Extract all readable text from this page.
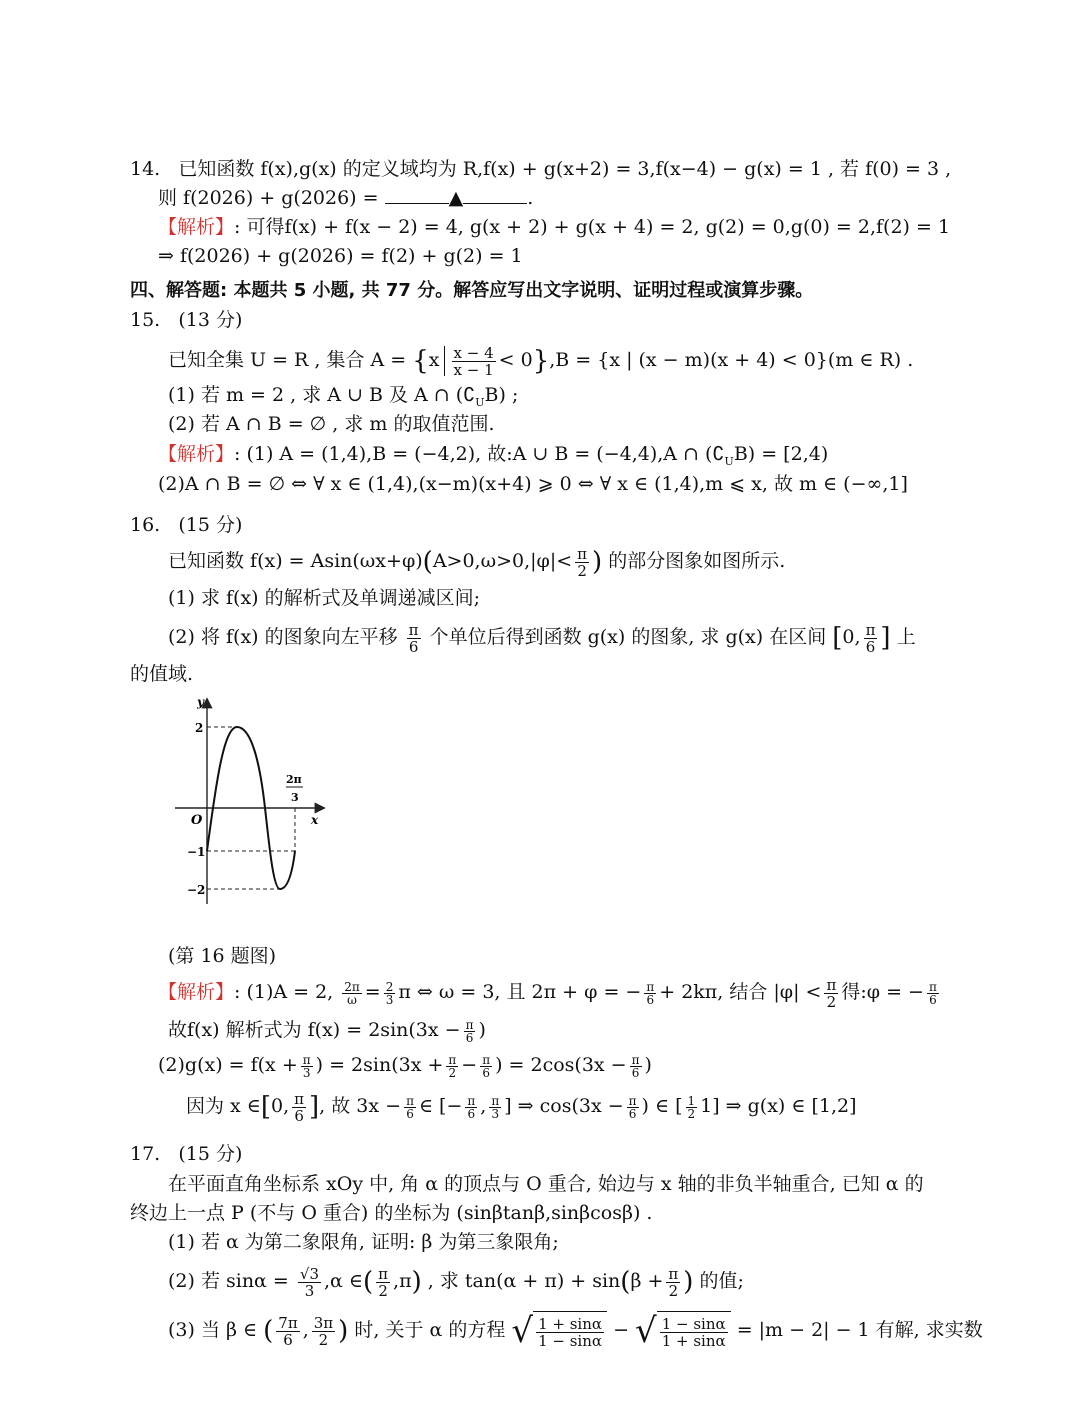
14. 已知函数 f(x),g(x) 的定义域均为 R,f(x) + g(x+2) = 3,f(x−4) − g(x) = 1 , 若 f(0) = 3 ,
则 f(2026) + g(2026) =	▲	.
【解析】: 可得f(x) + f(x − 2) = 4, g(x + 2) + g(x + 4) = 2, g(2) = 0,g(0) = 2,f(2) = 1
⇒ f(2026) + g(2026) = f(2) + g(2) = 1
四、解答题: 本题共 5 小题, 共 77 分。解答应写出文字说明、证明过程或演算步骤。
15. (13 分)
已知全集 U = R , 集合 $A = \{x \frac{x - 4}{x - 1} < 0\},B = \{x$ | (x − m)(x + 4) < 0}(m ∈ R) .
(1) 若 m = 2 , 求 A ∪ B 及 A ∩ $(∁_UB)$ ;
(2) 若 A ∩ B = ∅ , 求 m 的取值范围.
【解析】: (1) A = (1,4),B = (−4,2), 故:A ∪ B = (−4,4),A ∩ $(∁_UB) = [2,4)$
(2)A ∩ B = ∅ ⇔ ∀ x ∈ (1,4),(x−m)(x+4) ⩾ 0 ⇔ ∀ x ∈ (1,4),m ⩽ x, 故 m ∈ (−∞,1]
16. (15 分)
已知函数 $f(x) = Asin(\omega x+\varphi)(A>0,\omega>0,|\varphi|< \frac{\pi}{2}$ ) 的部分图象如图所示.
(1) 求 f(x) 的解析式及单调递减区间;
(2) 将 f(x) 的图象向左平移 $\frac{\pi}{6}$ 个单位后得到函数 g(x) 的图象, 求 g(x) 在区间 [0, $\frac{\pi}{6}$ ] 上
的值域.
y
x
O
2
−1
−2
2π
3
(第 16 题图)
【解析】: (1)A = 2, $\frac{2\pi}{\omega} = \frac{2}{3}$ π ⇔ ω = 3, 且 2π + φ = − $\frac{\pi}{6} + 2k\pi$, 结合 $|\varphi| < \frac{\pi}{2}$ 得:φ = − $\frac{\pi}{6}$
故f(x) 解析式为 $f(x) = 2\sin(3x - \frac{\pi}{6}$ )
$(2)g(x) = f(x + \frac{\pi}{3}$ ) = $2\sin(3x + \frac{\pi}{2} - \frac{\pi}{6}$ ) = $2\cos(3x - \frac{\pi}{6}$ )
因为 x ∈[0, $\frac{\pi}{6}$ ], 故 $3x - \frac{\pi}{6}$ ∈ [− $\frac{\pi}{6}$ , $\frac{\pi}{3}$ ] ⇒ $\cos(3x - \frac{\pi}{6}$ ) ∈ [ $\frac{1}{2} 1$] ⇒ g(x) ∈ [1,2]
17. (15 分)
在平面直角坐标系 xOy 中, 角 α 的顶点与 O 重合, 始边与 x 轴的非负半轴重合, 已知 α 的
终边上一点 P (不与 O 重合) 的坐标为 (sinβtanβ,sinβcosβ) .
(1) 若 α 为第二象限角, 证明: β 为第三象限角;
(2) 若 $\sin\alpha = \frac{√3}{3} ,\alpha$ ∈( $\frac{\pi}{2} ,\pi$) , 求 $\tan(\alpha + \pi) + \sin(\beta + \frac{\pi}{2}$ ) 的值;
(3) 当 β ∈ ( $\frac{7\pi}{6}$ , $\frac{3\pi}{2}$ ) 时, 关于 α 的方程 √ $\frac{1 + \sin\alpha}{1 - \sin\alpha}$ − √ $\frac{1 - \sin\alpha}{1 + \sin\alpha} = |m - 2| - 1$ 有解, 求实数
